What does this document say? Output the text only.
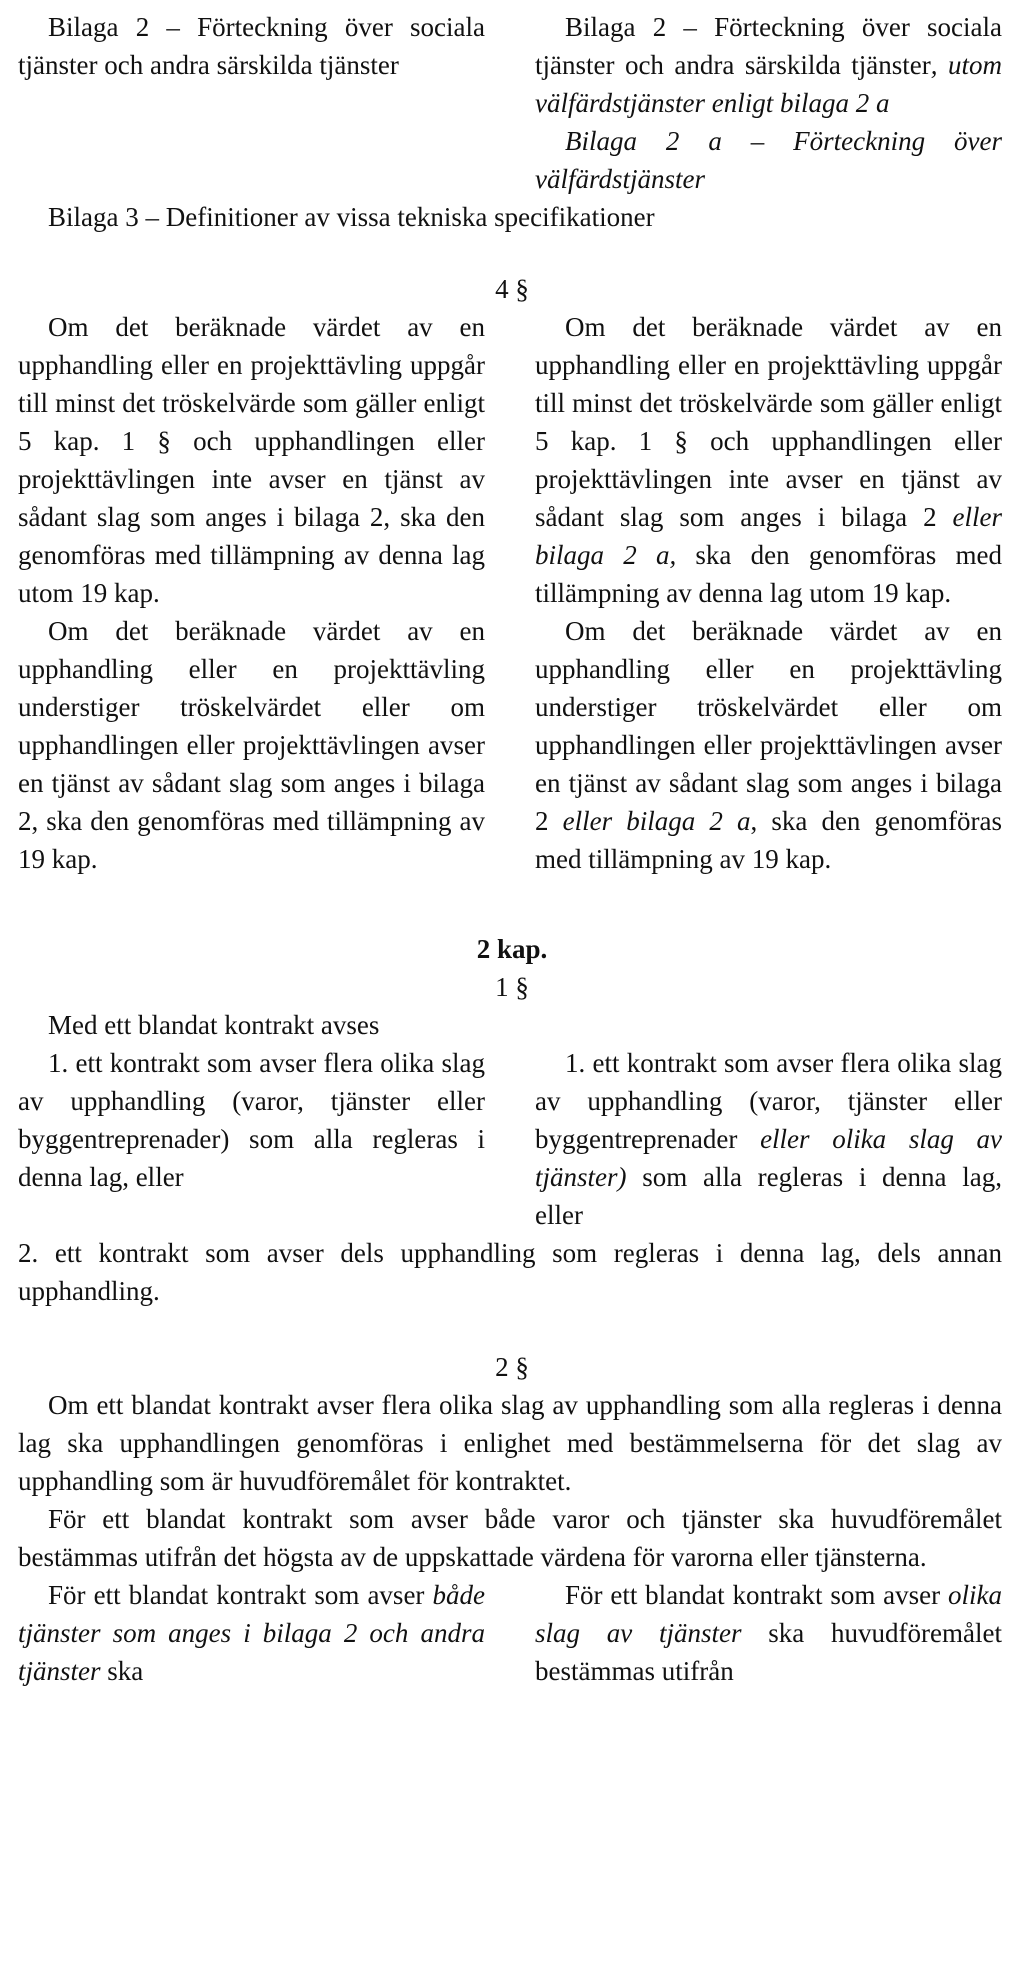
Bilaga 2 – Förteckning över sociala tjänster och andra särskilda tjänster

Bilaga 2 – Förteckning över sociala tjänster och andra särskilda tjänster, utom välfärdstjänster enligt bilaga 2 a

Bilaga 2 a – Förteckning över välfärdstjänster

Bilaga 3 – Definitioner av vissa tekniska specifikationer

4 §

Om det beräknade värdet av en upphandling eller en projekttävling uppgår till minst det tröskelvärde som gäller enligt 5 kap. 1 § och upphandlingen eller projekttävlingen inte avser en tjänst av sådant slag som anges i bilaga 2, ska den genomföras med tillämpning av denna lag utom 19 kap.

Om det beräknade värdet av en upphandling eller en projekttävling uppgår till minst det tröskelvärde som gäller enligt 5 kap. 1 § och upphandlingen eller projekttävlingen inte avser en tjänst av sådant slag som anges i bilaga 2 eller bilaga 2 a, ska den genomföras med tillämpning av denna lag utom 19 kap.

Om det beräknade värdet av en upphandling eller en projekttävling understiger tröskelvärdet eller om upphandlingen eller projekttävlingen avser en tjänst av sådant slag som anges i bilaga 2, ska den genomföras med tillämpning av 19 kap.

Om det beräknade värdet av en upphandling eller en projekttävling understiger tröskelvärdet eller om upphandlingen eller projekttävlingen avser en tjänst av sådant slag som anges i bilaga 2 eller bilaga 2 a, ska den genomföras med tillämpning av 19 kap.

2 kap.

1 §

Med ett blandat kontrakt avses

1. ett kontrakt som avser flera olika slag av upphandling (varor, tjänster eller byggentreprenader) som alla regleras i denna lag, eller

1. ett kontrakt som avser flera olika slag av upphandling (varor, tjänster eller byggentreprenader eller olika slag av tjänster) som alla regleras i denna lag, eller

2. ett kontrakt som avser dels upphandling som regleras i denna lag, dels annan upphandling.

2 §

Om ett blandat kontrakt avser flera olika slag av upphandling som alla regleras i denna lag ska upphandlingen genomföras i enlighet med bestämmelserna för det slag av upphandling som är huvudföremålet för kontraktet.

För ett blandat kontrakt som avser både varor och tjänster ska huvudföremålet bestämmas utifrån det högsta av de uppskattade värdena för varorna eller tjänsterna.

För ett blandat kontrakt som avser både tjänster som anges i bilaga 2 och andra tjänster ska

För ett blandat kontrakt som avser olika slag av tjänster ska huvudföremålet bestämmas utifrån
